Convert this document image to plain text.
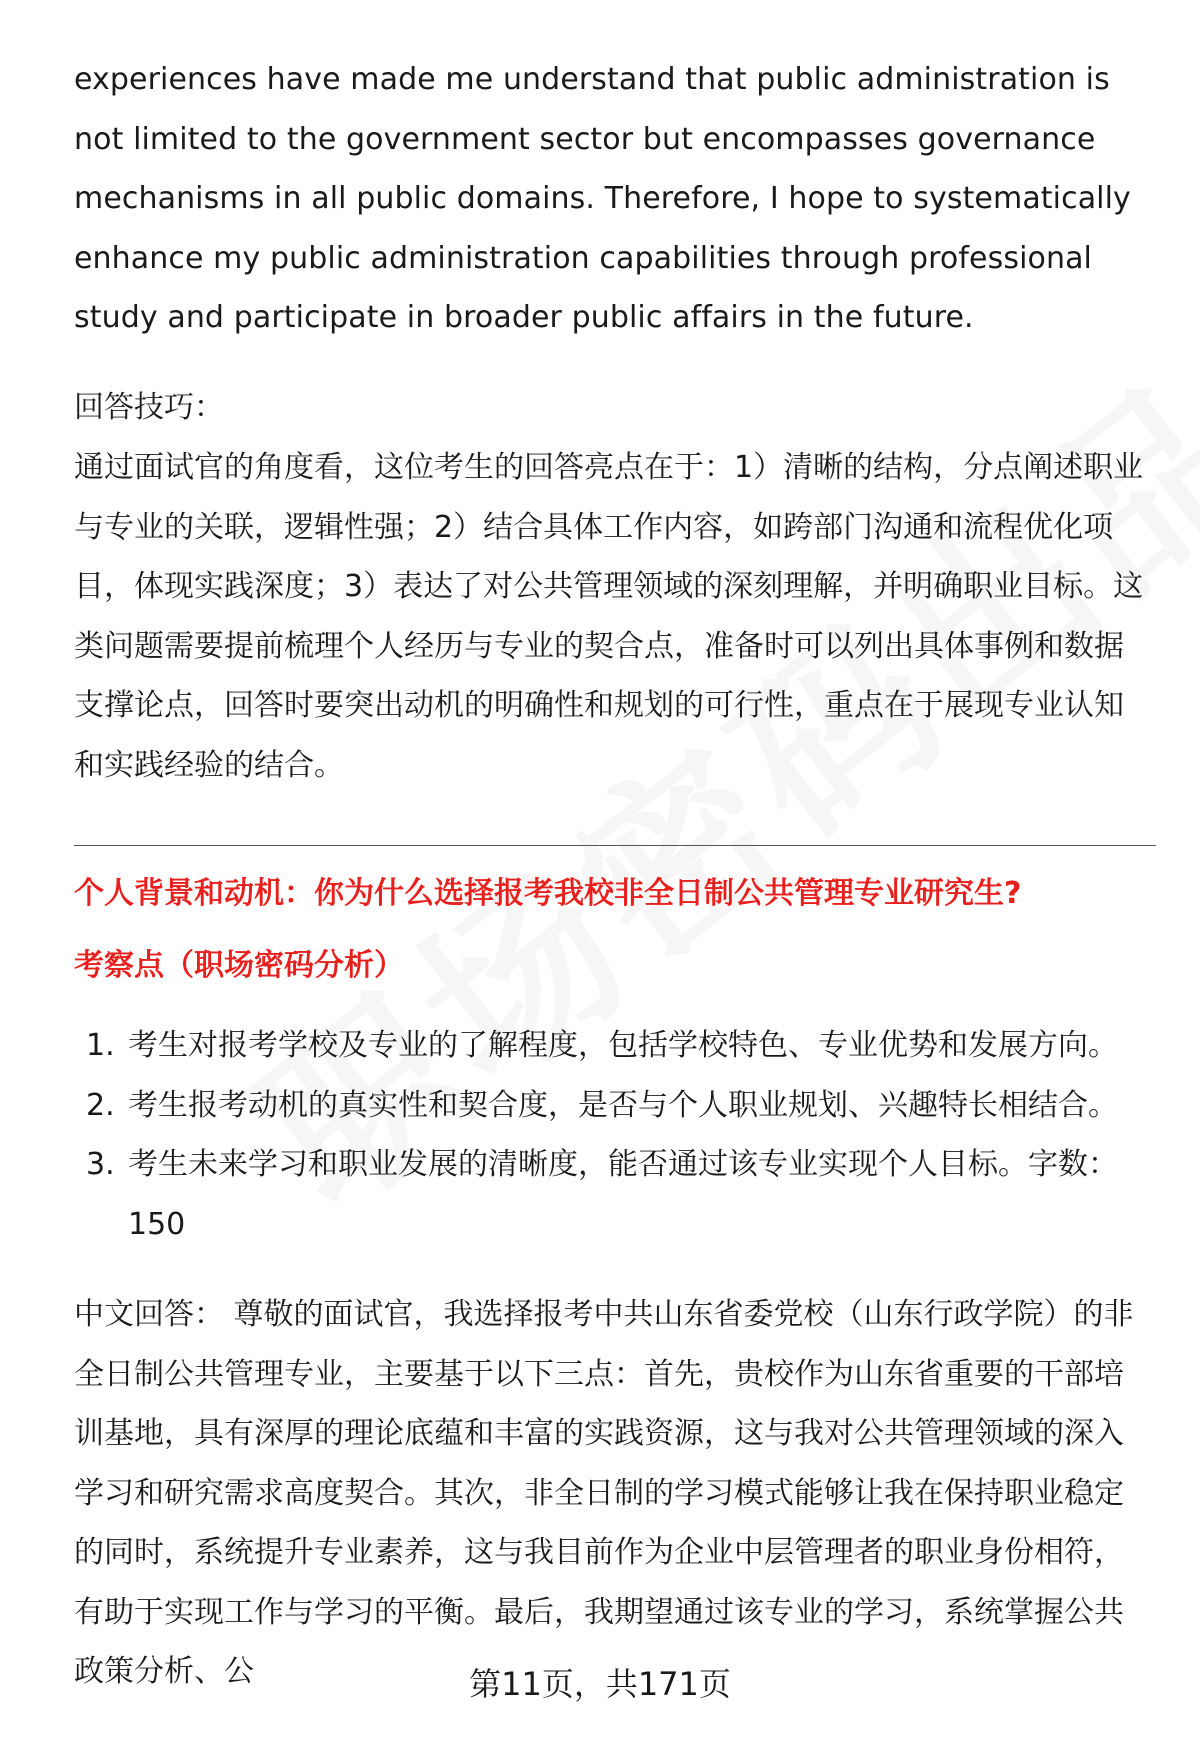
experiences have made me understand that public administration is not limited to the government sector but encompasses governance mechanisms in all public domains. Therefore, I hope to systematically enhance my public administration capabilities through professional study and participate in broader public affairs in the future.

回答技巧：

通过面试官的角度看，这位考生的回答亮点在于：1）清晰的结构，分点阐述职业与专业的关联，逻辑性强；2）结合具体工作内容，如跨部门沟通和流程优化项目，体现实践深度；3）表达了对公共管理领域的深刻理解，并明确职业目标。这类问题需要提前梳理个人经历与专业的契合点，准备时可以列出具体事例和数据支撑论点，回答时要突出动机的明确性和规划的可行性，重点在于展现专业认知和实践经验的结合。

个人背景和动机：你为什么选择报考我校非全日制公共管理专业研究生?
考察点（职场密码分析）
1. 考生对报考学校及专业的了解程度，包括学校特色、专业优势和发展方向。
2. 考生报考动机的真实性和契合度，是否与个人职业规划、兴趣特长相结合。
3. 考生未来学习和职业发展的清晰度，能否通过该专业实现个人目标。字数：150

中文回答： 尊敬的面试官，我选择报考中共山东省委党校（山东行政学院）的非全日制公共管理专业，主要基于以下三点：首先，贵校作为山东省重要的干部培训基地，具有深厚的理论底蕴和丰富的实践资源，这与我对公共管理领域的深入学习和研究需求高度契合。其次，非全日制的学习模式能够让我在保持职业稳定的同时，系统提升专业素养，这与我目前作为企业中层管理者的职业身份相符，有助于实现工作与学习的平衡。最后，我期望通过该专业的学习，系统掌握公共政策分析、公	第11页，共171页
